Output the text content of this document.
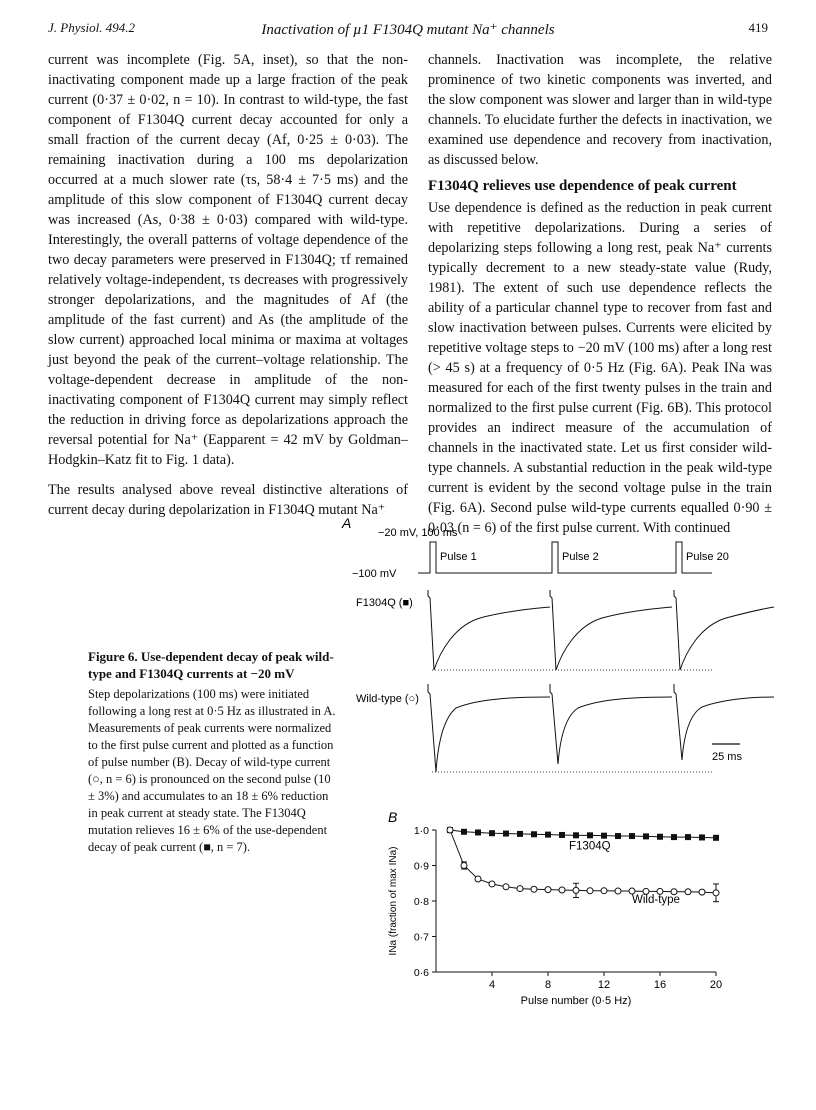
J. Physiol. 494.2	Inactivation of µ1 F1304Q mutant Na⁺ channels	419

current was incomplete (Fig. 5A, inset), so that the non-inactivating component made up a large fraction of the peak current (0·37 ± 0·02, n = 10). In contrast to wild-type, the fast component of F1304Q current decay accounted for only a small fraction of the current decay (Af, 0·25 ± 0·03). The remaining inactivation during a 100 ms depolarization occurred at a much slower rate (τs, 58·4 ± 7·5 ms) and the amplitude of this slow component of F1304Q current decay was increased (As, 0·38 ± 0·03) compared with wild-type. Interestingly, the overall patterns of voltage dependence of the two decay parameters were preserved in F1304Q; τf remained relatively voltage-independent, τs decreases with progressively stronger depolarizations, and the magnitudes of Af (the amplitude of the fast current) and As (the amplitude of the slow current) approached local minima or maxima at voltages just beyond the peak of the current–voltage relationship. The voltage-dependent decrease in amplitude of the non-inactivating component of F1304Q current may simply reflect the reduction in driving force as depolarizations approach the reversal potential for Na⁺ (Eapparent = 42 mV by Goldman–Hodgkin–Katz fit to Fig. 1 data).

The results analysed above reveal distinctive alterations of current decay during depolarization in F1304Q mutant Na⁺

channels. Inactivation was incomplete, the relative prominence of two kinetic components was inverted, and the slow component was slower and larger than in wild-type channels. To elucidate further the defects in inactivation, we examined use dependence and recovery from inactivation, as discussed below.

F1304Q relieves use dependence of peak current

Use dependence is defined as the reduction in peak current with repetitive depolarizations. During a series of depolarizing steps following a long rest, peak Na⁺ currents typically decrement to a new steady-state value (Rudy, 1981). The extent of such use dependence reflects the ability of a particular channel type to recover from fast and slow inactivation between pulses. Currents were elicited by repetitive voltage steps to −20 mV (100 ms) after a long rest (> 45 s) at a frequency of 0·5 Hz (Fig. 6A). Peak INa was measured for each of the first twenty pulses in the train and normalized to the first pulse current (Fig. 6B). This protocol provides an indirect measure of the accumulation of channels in the inactivated state. Let us first consider wild-type channels. A substantial reduction in the peak wild-type current is evident by the second voltage pulse in the train (Fig. 6A). Second pulse wild-type currents equalled 0·90 ± 0·03 (n = 6) of the first pulse current. With continued

Figure 6. Use-dependent decay of peak wild-type and F1304Q currents at −20 mV
Step depolarizations (100 ms) were initiated following a long rest at 0·5 Hz as illustrated in A. Measurements of peak currents were normalized to the first pulse current and plotted as a function of pulse number (B). Decay of wild-type current (○, n = 6) is pronounced on the second pulse (10 ± 3%) and accumulates to an 18 ± 6% reduction in peak current at steady state. The F1304Q mutation relieves 16 ± 6% of the use-dependent decay of peak current (■, n = 7).
A
−20 mV, 100 ms
−100 mV
Pulse 1	Pulse 2	Pulse 20
F1304Q (■)
Wild-type (○)
25 ms
B
4	8	12	16	20
0·6
0·7
0·8
0·9
1·0
Pulse number (0·5 Hz)
INa (fraction of max INa)
F1304Q
Wild-type
